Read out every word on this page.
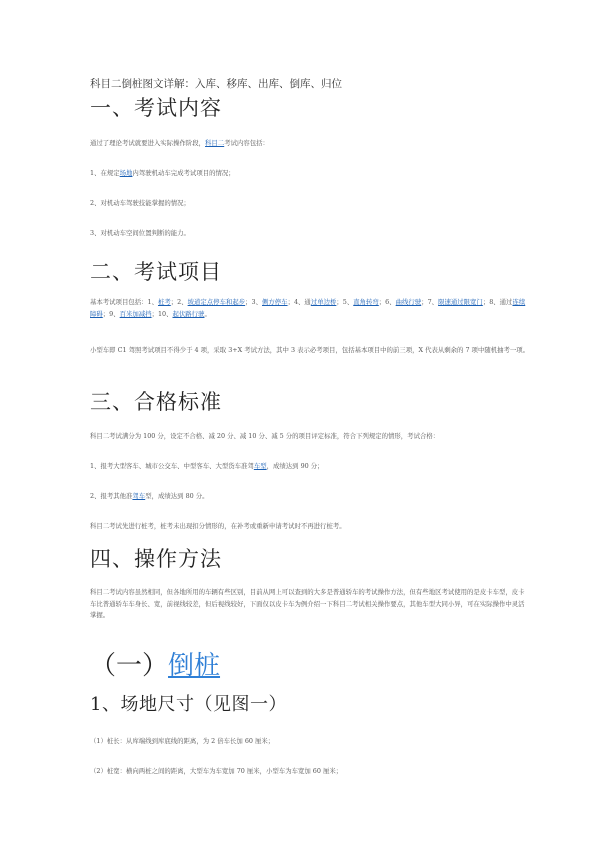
科目二倒桩图文详解：入库、移库、出库、倒库、归位
一、考试内容
通过了理论考试就要进入实际操作阶段，科目二考试内容包括：
1、在规定场地内驾驶机动车完成考试项目的情况；
2、对机动车驾驶技能掌握的情况；
3、对机动车空间位置判断的能力。
二、考试项目
基本考试项目包括：1、桩考；2、坡道定点停车和起步；3、侧方停车；4、通过单边桥；5、直角转弯；6、曲线行驶；7、限速通过限宽门；8、通过连续障碍；9、百米加减挡；10、起伏路行驶。
小型车即 C1 驾照考试项目不得少于 4 项，采取 3+X 考试方法，其中 3 表示必考项目，包括基本项目中的前三项，X 代表从剩余的 7 项中随机抽考一项。
三、合格标准
科目二考试满分为 100 分，设定不合格、减 20 分、减 10 分、减 5 分的项目评定标准，符合下列规定的情形，考试合格：
1、报考大型客车、城市公交车、中型客车、大型货车准驾车型，成绩达到 90 分；
2、报考其他准驾车型，成绩达到 80 分。
科目二考试先进行桩考，桩考未出现扣分情形的，在补考或重新申请考试时不再进行桩考。
四、操作方法
科目二考试内容虽然相同，但各地所用的车辆有些区别，目前从网上可以查到的大多是普通轿车的考试操作方法，但有些地区考试使用的是皮卡车型，皮卡车比普通轿车车身长、宽，前视线较差，但后视线较好，下面仅以皮卡车为例介绍一下科目二考试相关操作要点，其他车型大同小异，可在实际操作中灵活掌握。
（一）倒桩
1、场地尺寸（见图一）
（1）桩长：从库端线到库底线的距离，为 2 倍车长加 60 厘米；
（2）桩宽：横向两桩之间的距离，大型车为车宽加 70 厘米，小型车为车宽加 60 厘米；
